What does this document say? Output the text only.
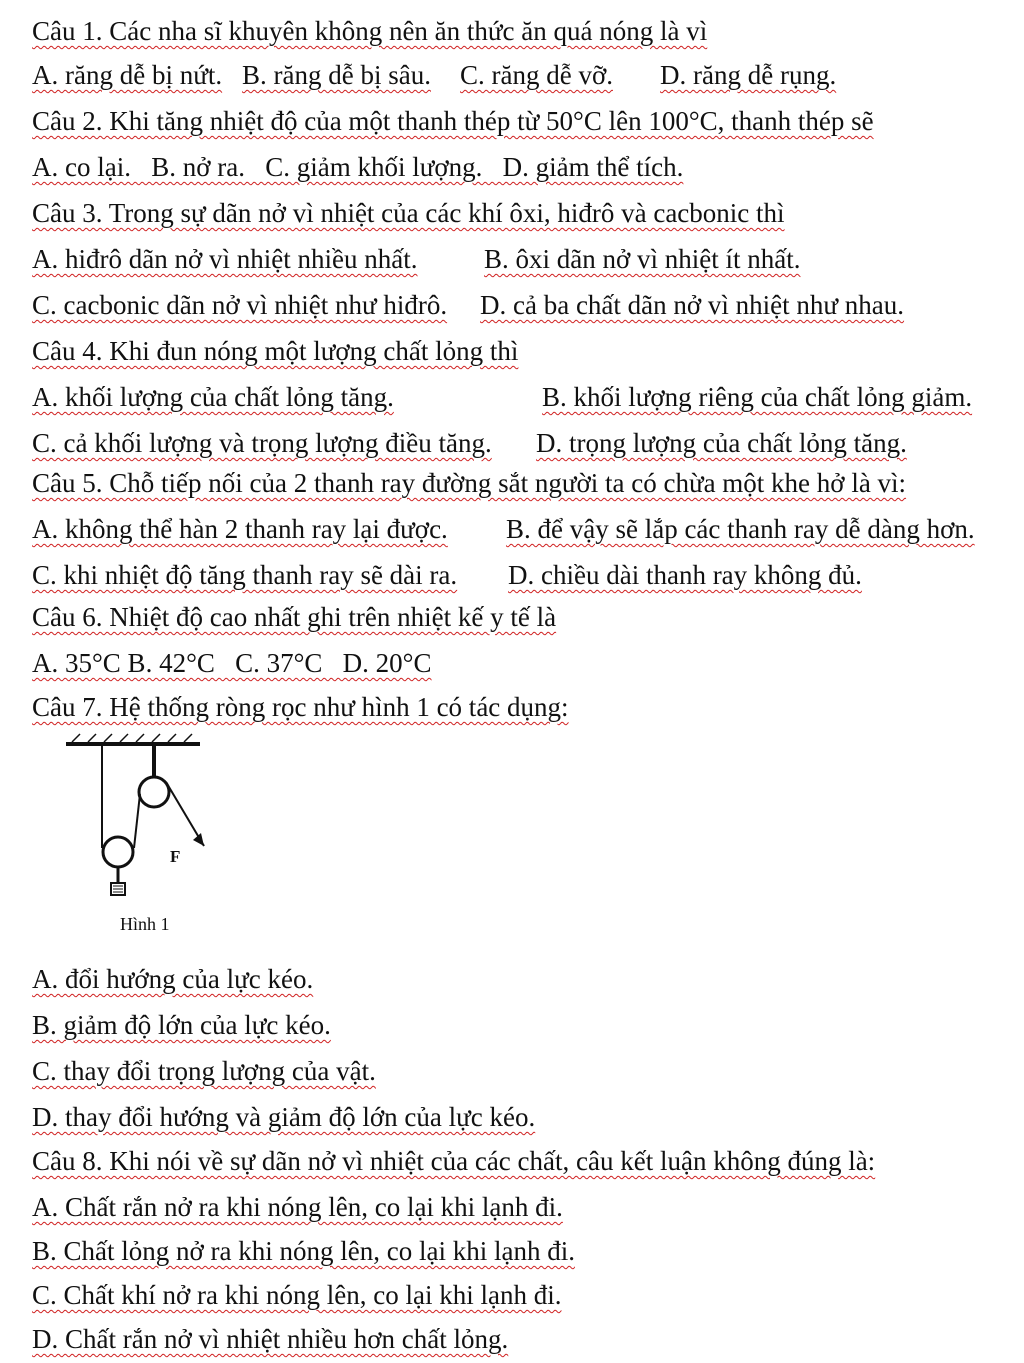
Câu 1. Các nha sĩ khuyên không nên ăn thức ăn quá nóng là vì
A. răng dễ bị nứt. B. răng dễ bị sâu. C. răng dễ vỡ. D. răng dễ rụng.
Câu 2. Khi tăng nhiệt độ của một thanh thép từ 50°C lên 100°C, thanh thép sẽ
A. co lại.   B. nở ra.   C. giảm khối lượng.   D. giảm thể tích.
Câu 3. Trong sự dãn nở vì nhiệt của các khí ôxi, hiđrô và cacbonic thì
A. hiđrô dãn nở vì nhiệt nhiều nhất. B. ôxi dãn nở vì nhiệt ít nhất.
C. cacbonic dãn nở vì nhiệt như hiđrô. D. cả ba chất dãn nở vì nhiệt như nhau.
Câu 4. Khi đun nóng một lượng chất lỏng thì
A. khối lượng của chất lỏng tăng.	B. khối lượng riêng của chất lỏng giảm.
C. cả khối lượng và trọng lượng điều tăng. D. trọng lượng của chất lỏng tăng.
Câu 5. Chỗ tiếp nối của 2 thanh ray đường sắt người ta có chừa một khe hở là vì:
A. không thể hàn 2 thanh ray lại được. B. để vậy sẽ lắp các thanh ray dễ dàng hơn.
C. khi nhiệt độ tăng thanh ray sẽ dài ra. D. chiều dài thanh ray không đủ.
Câu 6. Nhiệt độ cao nhất ghi trên nhiệt kế y tế là
A. 35°C B. 42°C   C. 37°C   D. 20°C
Câu 7. Hệ thống ròng rọc như hình 1 có tác dụng:
F
Hình 1
A. đổi hướng của lực kéo.
B. giảm độ lớn của lực kéo.
C. thay đổi trọng lượng của vật.
D. thay đổi hướng và giảm độ lớn của lực kéo.
Câu 8. Khi nói về sự dãn nở vì nhiệt của các chất, câu kết luận không đúng là:
A. Chất rắn nở ra khi nóng lên, co lại khi lạnh đi.
B. Chất lỏng nở ra khi nóng lên, co lại khi lạnh đi.
C. Chất khí nở ra khi nóng lên, co lại khi lạnh đi.
D. Chất rắn nở vì nhiệt nhiều hơn chất lỏng.
